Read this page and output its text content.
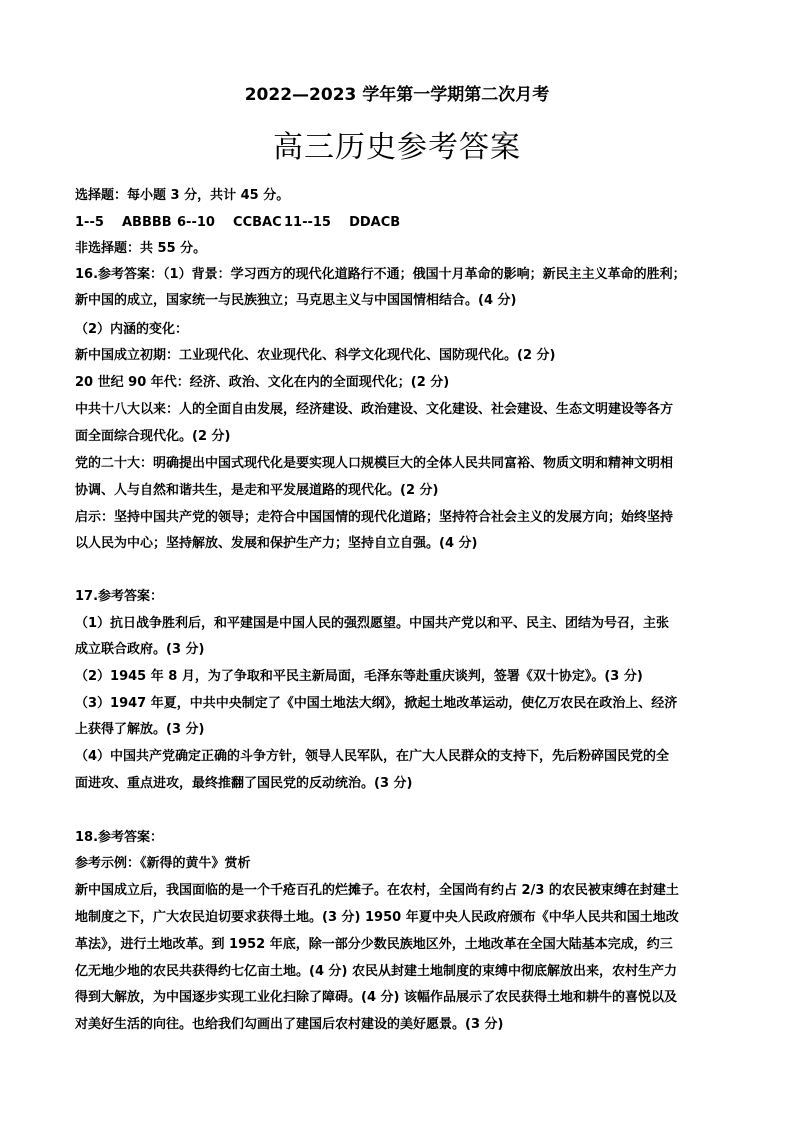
2022—2023 学年第一学期第二次月考
高三历史参考答案
选择题：每小题 3 分，共计 45 分。
1--5    ABBBB 6--10    CCBAC 11--15    DDACB
非选择题：共 55 分。
16.参考答案：（1）背景：学习西方的现代化道路行不通；俄国十月革命的影响；新民主主义革命的胜利；
新中国的成立，国家统一与民族独立；马克思主义与中国国情相结合。(4 分)
（2）内涵的变化：
新中国成立初期：工业现代化、农业现代化、科学文化现代化、国防现代化。(2 分)
20 世纪 90 年代：经济、政治、文化在内的全面现代化；(2 分)
中共十八大以来：人的全面自由发展，经济建设、政治建设、文化建设、社会建设、生态文明建设等各方
面全面综合现代化。(2 分)
党的二十大：明确提出中国式现代化是要实现人口规模巨大的全体人民共同富裕、物质文明和精神文明相
协调、人与自然和谐共生，是走和平发展道路的现代化。(2 分)
启示：坚持中国共产党的领导；走符合中国国情的现代化道路；坚持符合社会主义的发展方向；始终坚持
以人民为中心；坚持解放、发展和保护生产力；坚持自立自强。(4 分)
17.参考答案：
（1）抗日战争胜利后，和平建国是中国人民的强烈愿望。中国共产党以和平、民主、团结为号召，主张
成立联合政府。(3 分)
（2）1945 年 8 月，为了争取和平民主新局面，毛泽东等赴重庆谈判，签署《双十协定》。(3 分)
（3）1947 年夏，中共中央制定了《中国土地法大纲》，掀起土地改革运动，使亿万农民在政治上、经济
上获得了解放。(3 分)
（4）中国共产党确定正确的斗争方针，领导人民军队，在广大人民群众的支持下，先后粉碎国民党的全
面进攻、重点进攻，最终推翻了国民党的反动统治。(3 分)
18.参考答案：
参考示例：《新得的黄牛》赏析
新中国成立后，我国面临的是一个千疮百孔的烂摊子。在农村，全国尚有约占 2/3 的农民被束缚在封建土
地制度之下，广大农民迫切要求获得土地。(3 分) 1950 年夏中央人民政府颁布《中华人民共和国土地改
革法》，进行土地改革。到 1952 年底，除一部分少数民族地区外，土地改革在全国大陆基本完成，约三
亿无地少地的农民共获得约七亿亩土地。(4 分) 农民从封建土地制度的束缚中彻底解放出来，农村生产力
得到大解放，为中国逐步实现工业化扫除了障碍。(4 分) 该幅作品展示了农民获得土地和耕牛的喜悦以及
对美好生活的向往。也给我们勾画出了建国后农村建设的美好愿景。(3 分)
